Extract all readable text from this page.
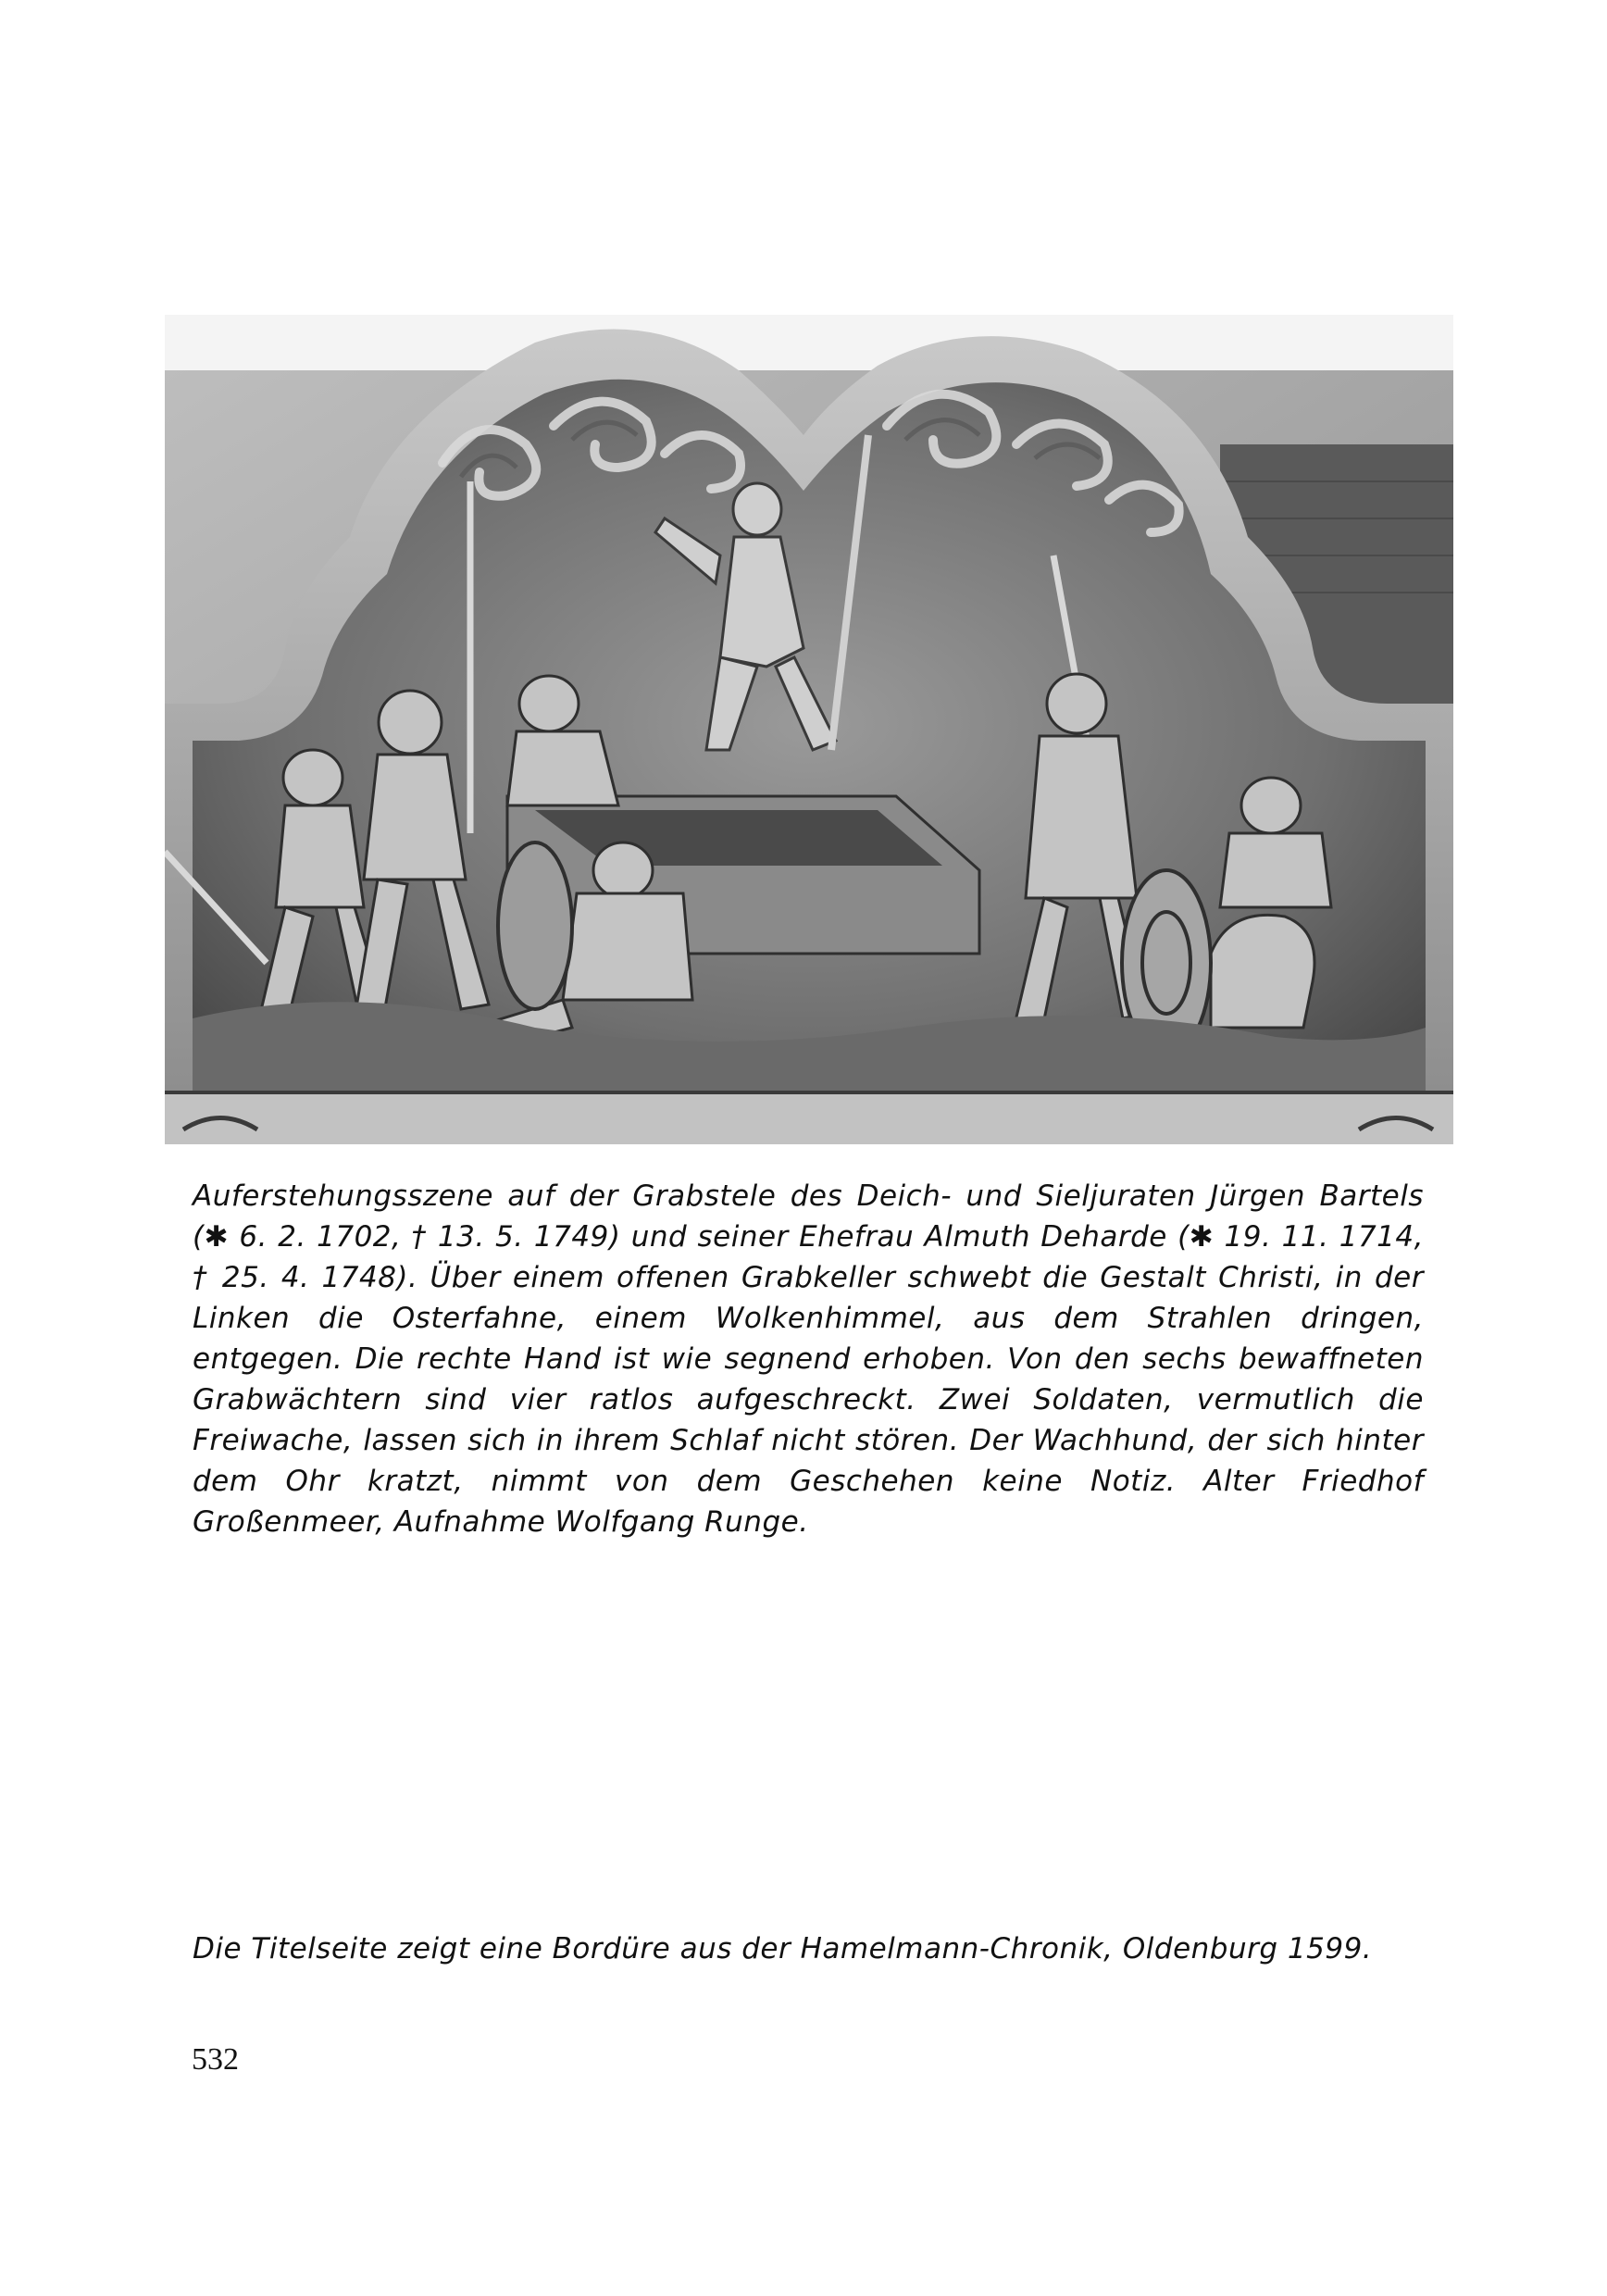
Auferstehungsszene auf der Grabstele des Deich- und Sieljuraten Jürgen Bartels (✱ 6. 2. 1702, † 13. 5. 1749) und seiner Ehefrau Almuth Deharde (✱ 19. 11. 1714, † 25. 4. 1748). Über einem offenen Grabkeller schwebt die Gestalt Christi, in der Linken die Osterfahne, einem Wolkenhimmel, aus dem Strahlen dringen, entgegen. Die rechte Hand ist wie segnend erhoben. Von den sechs bewaffneten Grabwächtern sind vier ratlos aufgeschreckt. Zwei Soldaten, vermutlich die Freiwache, lassen sich in ihrem Schlaf nicht stören. Der Wachhund, der sich hinter dem Ohr kratzt, nimmt von dem Geschehen keine Notiz. Alter Friedhof Großenmeer, Aufnahme Wolfgang Runge.

Die Titelseite zeigt eine Bordüre aus der Hamelmann-Chronik, Oldenburg 1599.

532
